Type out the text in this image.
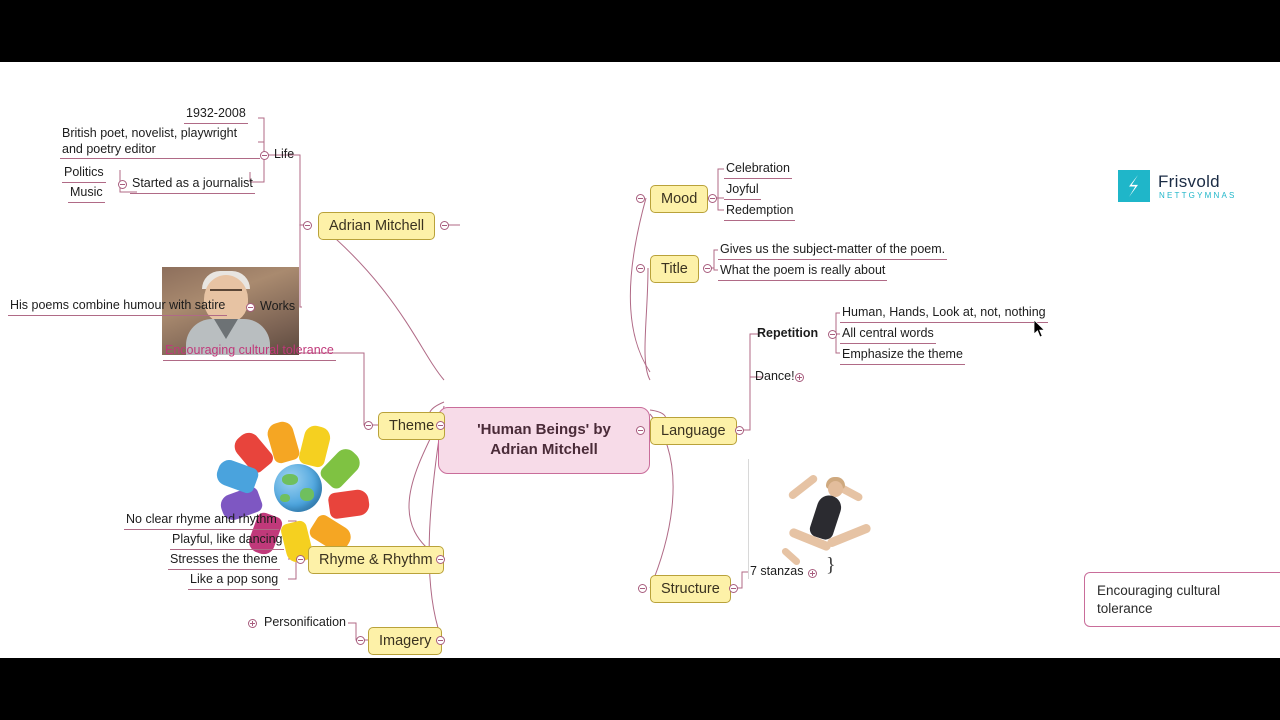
'Human Beings' by
Adrian Mitchell
Adrian Mitchell
Life
1932-2008
British poet, novelist, playwright and poetry editor
Started as a journalist
Politics
Music
Works
His poems combine humour with satire
Mood
Celebration
Joyful
Redemption
Title
Gives us the subject-matter of the poem.
What the poem is really about
Language
Repetition
Human, Hands, Look at, not, nothing
All central words
Emphasize the theme
Dance!
Structure
7 stanzas }
Theme
Encouraging cultural tolerance
Rhyme & Rhythm
No clear rhyme and rhythm
Playful, like dancing
Stresses the theme
Like a pop song
Imagery
Personification
Encouraging cultural tolerance
Frisvold
NETTGYMNAS
